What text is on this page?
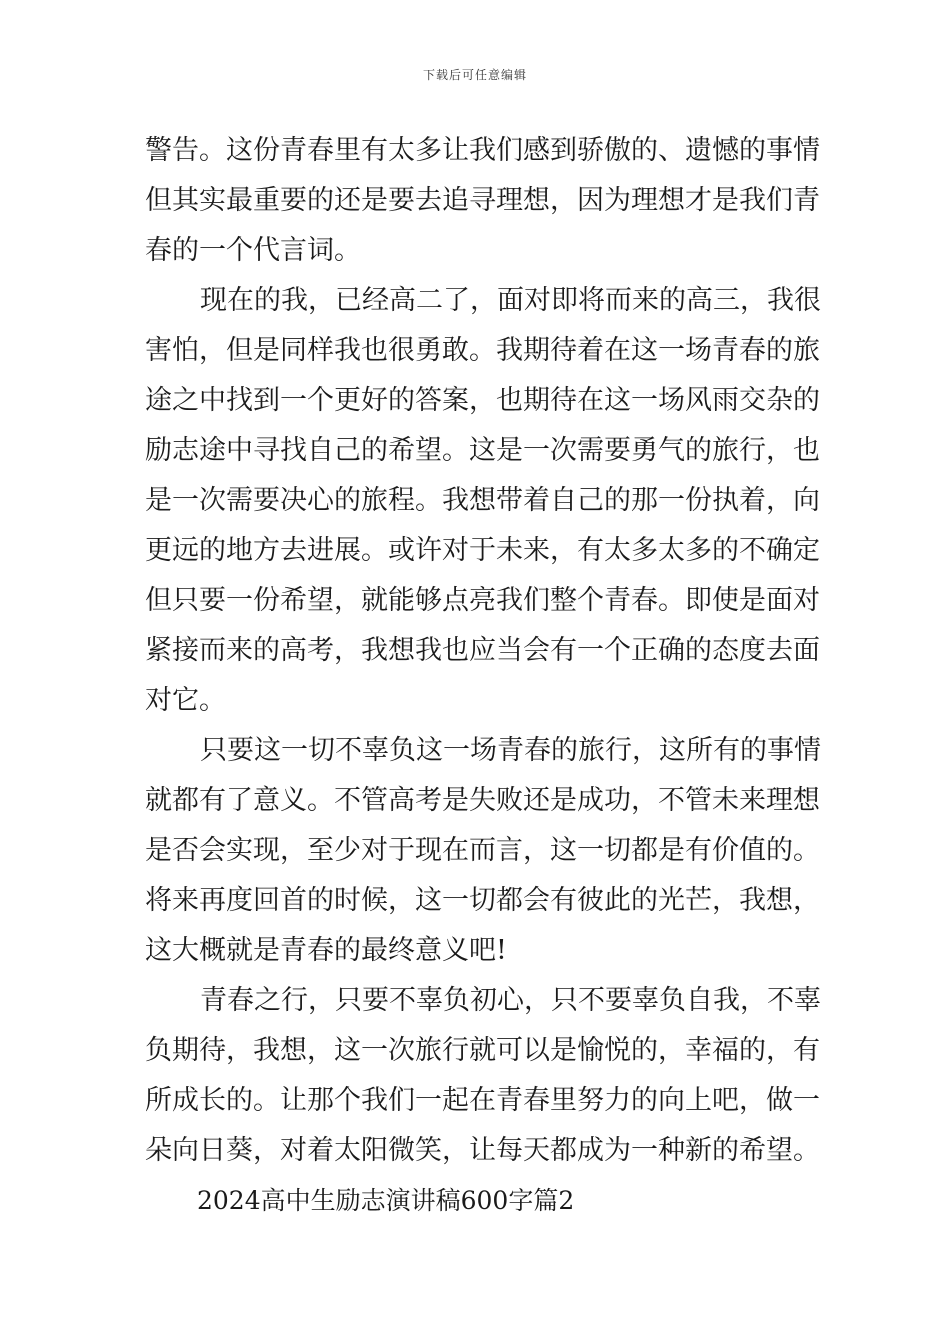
下载后可任意编辑
警告。这份青春里有太多让我们感到骄傲的、遗憾的事情
但其实最重要的还是要去追寻理想，因为理想才是我们青
春的一个代言词。
现在的我，已经高二了，面对即将而来的高三，我很
害怕，但是同样我也很勇敢。我期待着在这一场青春的旅
途之中找到一个更好的答案，也期待在这一场风雨交杂的
励志途中寻找自己的希望。这是一次需要勇气的旅行，也
是一次需要决心的旅程。我想带着自己的那一份执着，向
更远的地方去进展。或许对于未来，有太多太多的不确定
但只要一份希望，就能够点亮我们整个青春。即使是面对
紧接而来的高考，我想我也应当会有一个正确的态度去面
对它。
只要这一切不辜负这一场青春的旅行，这所有的事情
就都有了意义。不管高考是失败还是成功，不管未来理想
是否会实现，至少对于现在而言，这一切都是有价值的。
将来再度回首的时候，这一切都会有彼此的光芒，我想，
这大概就是青春的最终意义吧!
青春之行，只要不辜负初心，只不要辜负自我，不辜
负期待，我想，这一次旅行就可以是愉悦的，幸福的，有
所成长的。让那个我们一起在青春里努力的向上吧，做一
朵向日葵，对着太阳微笑，让每天都成为一种新的希望。
2024高中生励志演讲稿600字篇2
